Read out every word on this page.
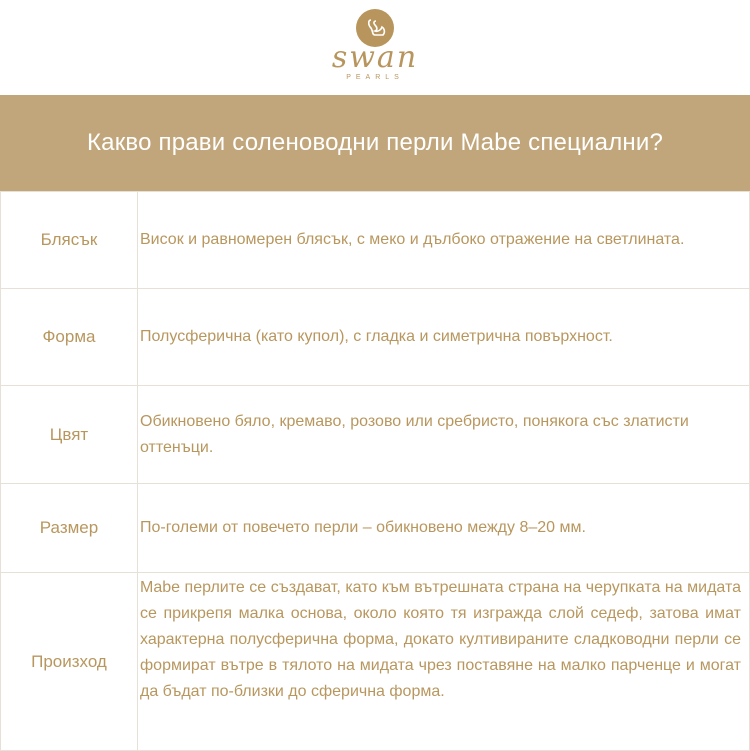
swan
PEARLS
Какво прави соленоводни перли Mabe специални?
Блясък	Висок и равномерен блясък, с меко и дълбоко отражение на светлината.
Форма	Полусферична (като купол), с гладка и симетрична повърхност.
Цвят	Обикновено бяло, кремаво, розово или сребристо, понякога със златисти оттенъци.
Размер	По-големи от повечето перли – обикновено между 8–20 мм.
Произход	Mabe перлите се създават, като към вътрешната страна на черупката на мидата се прикрепя малка основа, около която тя изгражда слой седеф, затова имат характерна полусферична форма, докато култивираните сладководни перли се формират вътре в тялото на мидата чрез поставяне на малко парченце и могат да бъдат по-близки до сферична форма.
